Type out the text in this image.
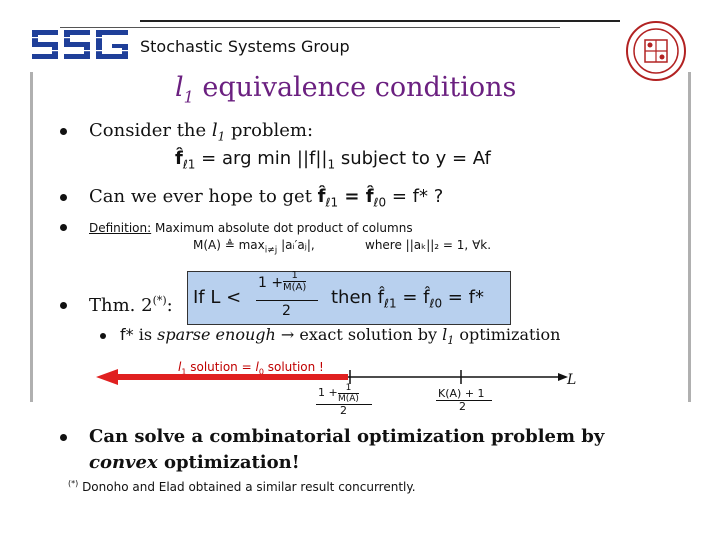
Stochastic Systems Group
$l_1$ equivalence conditions
Consider the $l_1$ problem:
$f̂_{\ell 1}$ = arg $\min ||f||_1$ subject to y = Af
Can we ever hope to get $f̂_{\ell 1}$ = $f̂_{\ell 0} = f*$ ?
Definition: Maximum absolute dot product of columns
M(A) ≜ $\max_{i\ne j}$ |aᵢ′aⱼ|,	where ||aₖ||₂ = 1, ∀k.
Thm. 2(*): If L <
1 + 1
M(A)
2
then $f̂_{\ell 1}$ = $f̂_{\ell 0} = f*$
f* is sparse enough → exact solution by $l_1$ optimization
$l_1$ solution = $l_0$ solution !
L
1 + 1
M(A)
2
K(A) + 1
2
Can solve a combinatorial optimization problem by
convex optimization!
(*) Donoho and Elad obtained a similar result concurrently.
